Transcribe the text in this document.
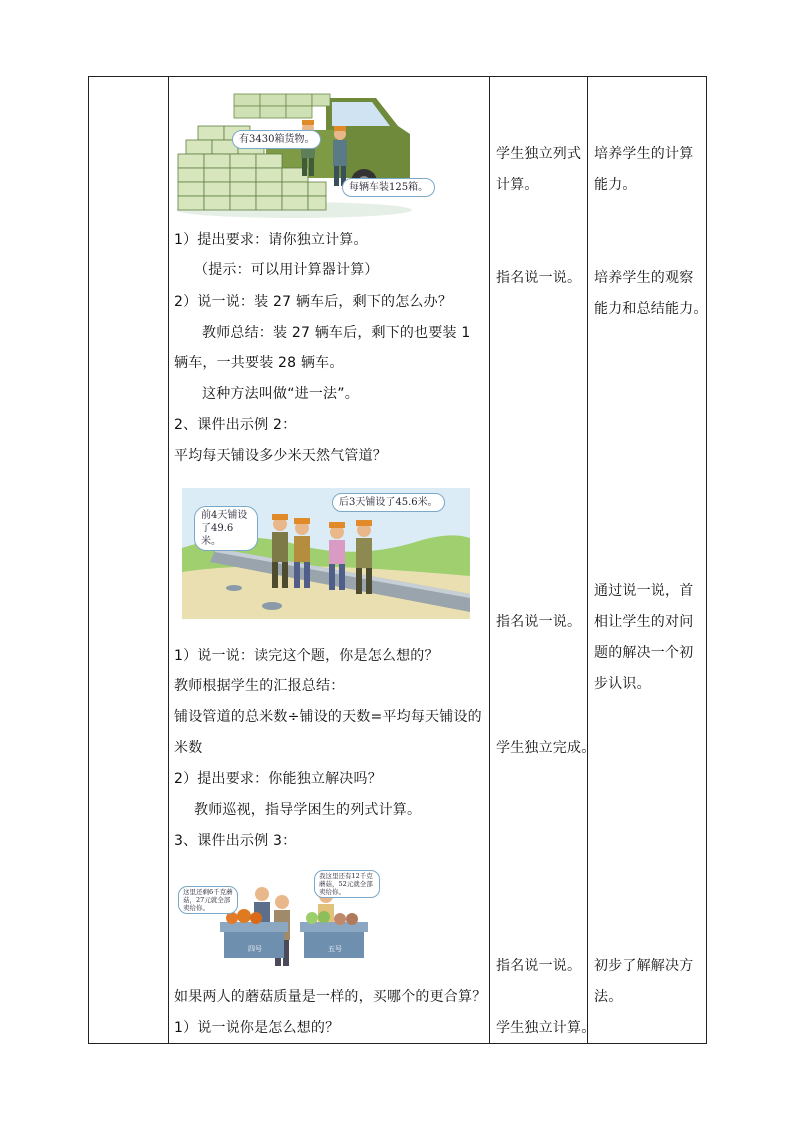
有3430箱货物。
每辆车装125箱。
前4天铺设了49.6米。
后3天铺设了45.6米。
这里还剩6千克蘑菇，27元就全部卖给你。
我这里还有12千克蘑菇，52元就全部卖给你。
四号	五号
1）提出要求：请你独立计算。
（提示：可以用计算器计算）
2）说一说：装 27 辆车后，剩下的怎么办？
教师总结：装 27 辆车后，剩下的也要装 1
辆车，一共要装 28 辆车。
这种方法叫做“进一法”。
2、课件出示例 2：
平均每天铺设多少米天然气管道？
1）说一说：读完这个题，你是怎么想的？
教师根据学生的汇报总结：
铺设管道的总米数÷铺设的天数=平均每天铺设的
米数
2）提出要求：你能独立解决吗？
教师巡视，指导学困生的列式计算。
3、课件出示例 3：
如果两人的蘑菇质量是一样的，买哪个的更合算？
1）说一说你是怎么想的？
学生独立列式
计算。
指名说一说。
指名说一说。
学生独立完成。
指名说一说。
学生独立计算。
培养学生的计算
能力。
培养学生的观察
能力和总结能力。
通过说一说，首
相让学生的对问
题的解决一个初
步认识。
初步了解解决方
法。
